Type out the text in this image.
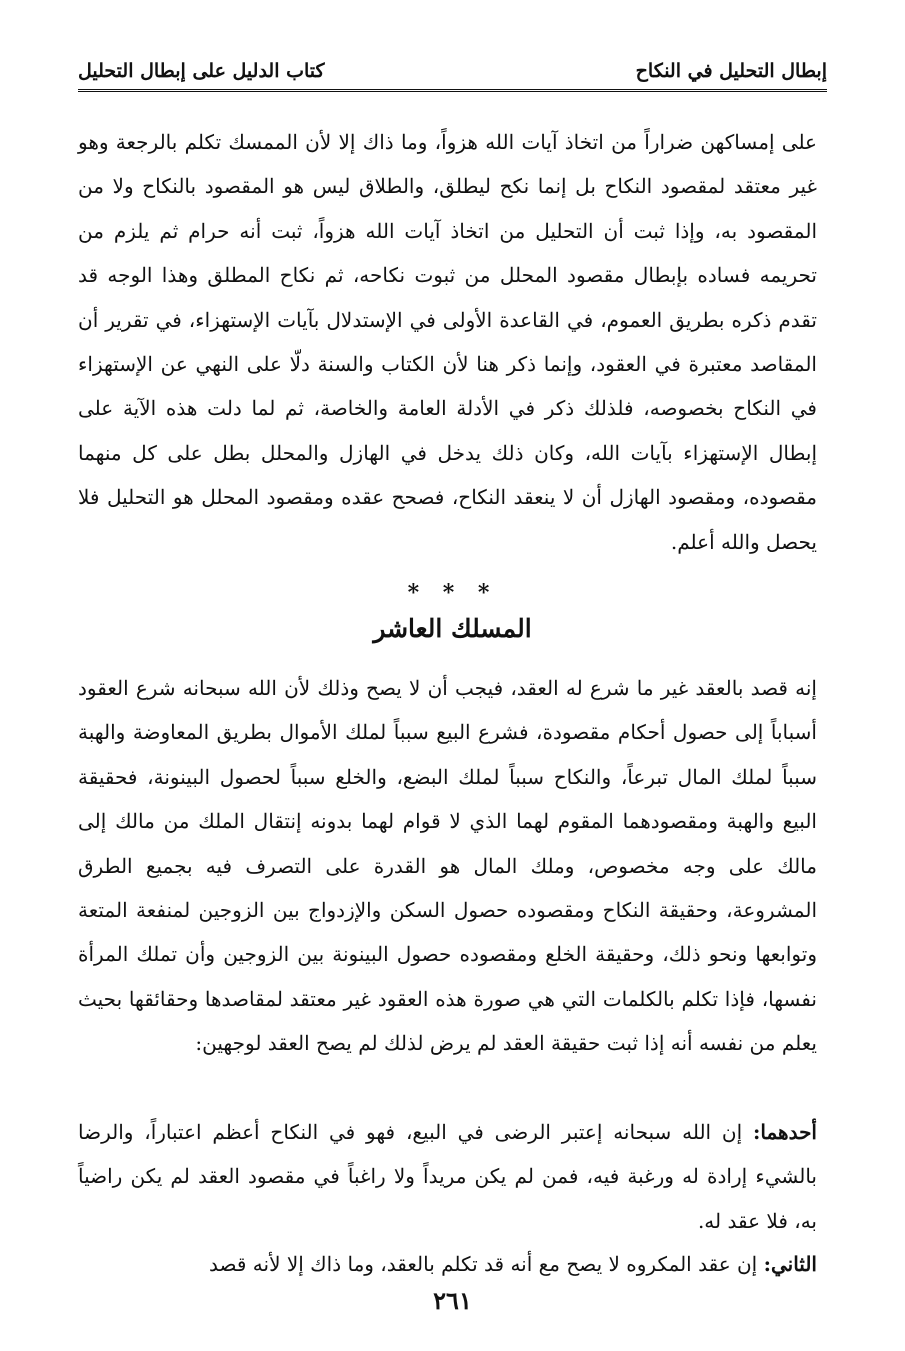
إبطال التحليل في النكاح
كتاب الدليل على إبطال التحليل

على إمساكهن ضراراً من اتخاذ آيات الله هزواً، وما ذاك إلا لأن الممسك تكلم بالرجعة وهو غير معتقد لمقصود النكاح بل إنما نكح ليطلق، والطلاق ليس هو المقصود بالنكاح ولا من المقصود به، وإذا ثبت أن التحليل من اتخاذ آيات الله هزواً، ثبت أنه حرام ثم يلزم من تحريمه فساده بإبطال مقصود المحلل من ثبوت نكاحه، ثم نكاح المطلق وهذا الوجه قد تقدم ذكره بطريق العموم، في القاعدة الأولى في الإستدلال بآيات الإستهزاء، في تقرير أن المقاصد معتبرة في العقود، وإنما ذكر هنا لأن الكتاب والسنة دلّا على النهي عن الإستهزاء في النكاح بخصوصه، فلذلك ذكر في الأدلة العامة والخاصة، ثم لما دلت هذه الآية على إبطال الإستهزاء بآيات الله، وكان ذلك يدخل في الهازل والمحلل بطل على كل منهما مقصوده، ومقصود الهازل أن لا ينعقد النكاح، فصحح عقده ومقصود المحلل هو التحليل فلا يحصل والله أعلم.

* * *
المسلك العاشر

إنه قصد بالعقد غير ما شرع له العقد، فيجب أن لا يصح وذلك لأن الله سبحانه شرع العقود أسباباً إلى حصول أحكام مقصودة، فشرع البيع سبباً لملك الأموال بطريق المعاوضة والهبة سبباً لملك المال تبرعاً، والنكاح سبباً لملك البضع، والخلع سبباً لحصول البينونة، فحقيقة البيع والهبة ومقصودهما المقوم لهما الذي لا قوام لهما بدونه إنتقال الملك من مالك إلى مالك على وجه مخصوص، وملك المال هو القدرة على التصرف فيه بجميع الطرق المشروعة، وحقيقة النكاح ومقصوده حصول السكن والإزدواج بين الزوجين لمنفعة المتعة وتوابعها ونحو ذلك، وحقيقة الخلع ومقصوده حصول البينونة بين الزوجين وأن تملك المرأة نفسها، فإذا تكلم بالكلمات التي هي صورة هذه العقود غير معتقد لمقاصدها وحقائقها بحيث يعلم من نفسه أنه إذا ثبت حقيقة العقد لم يرض لذلك لم يصح العقد لوجهين:

أحدهما: إن الله سبحانه إعتبر الرضى في البيع، فهو في النكاح أعظم اعتباراً، والرضا بالشيء إرادة له ورغبة فيه، فمن لم يكن مريداً ولا راغباً في مقصود العقد لم يكن راضياً به، فلا عقد له.

الثاني: إن عقد المكروه لا يصح مع أنه قد تكلم بالعقد، وما ذاك إلا لأنه قصد

٢٦١
